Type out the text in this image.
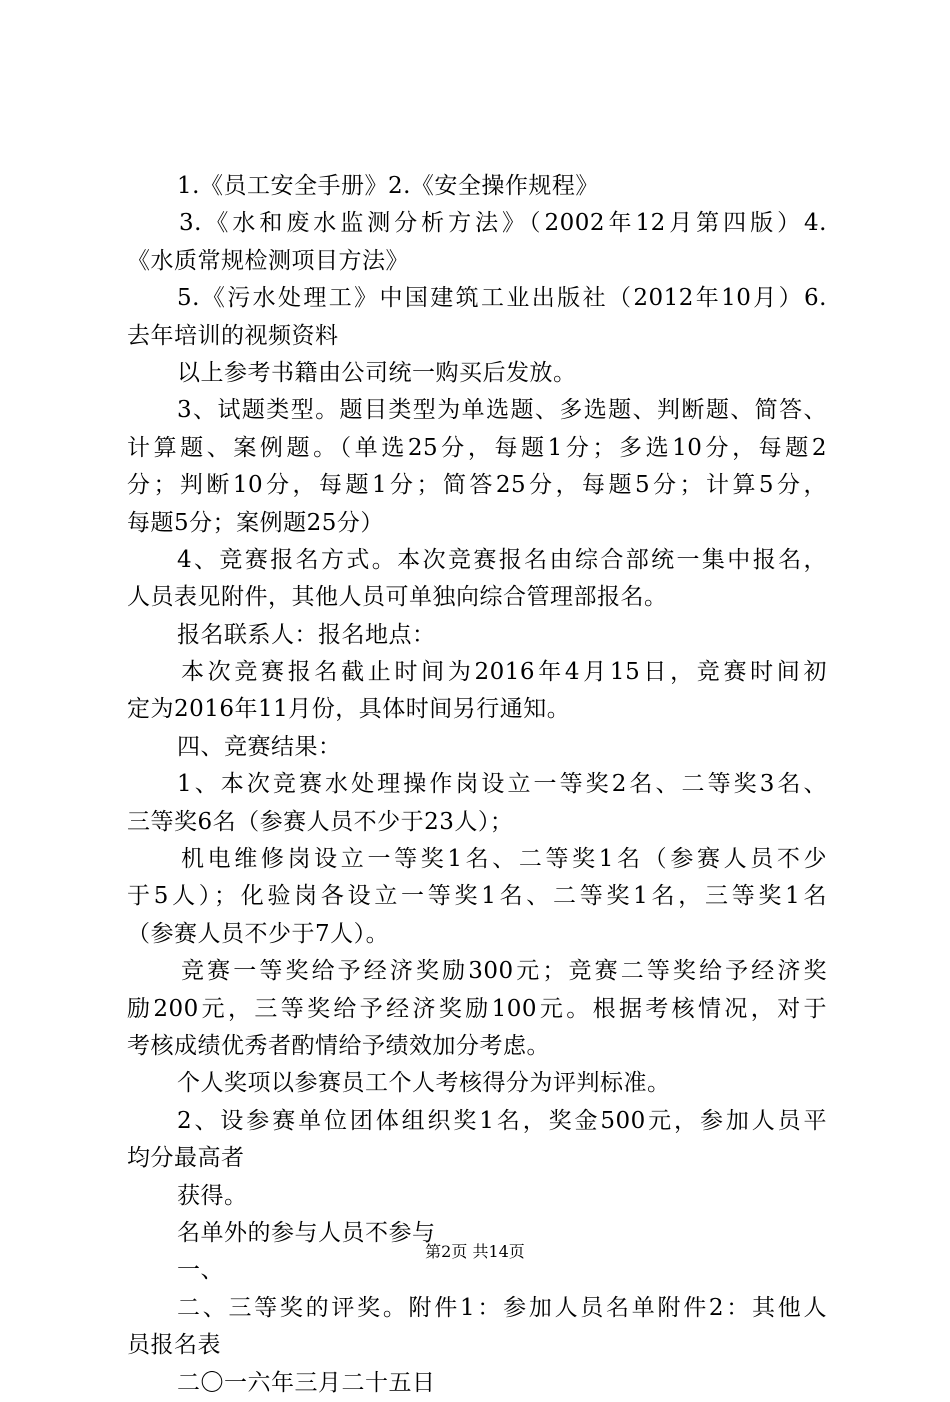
1.《员工安全手册》2.《安全操作规程》
3.《水和废水监测分析方法》（2002年12月第四版）4.
《水质常规检测项目方法》
5.《污水处理工》中国建筑工业出版社（2012年10月）6.
去年培训的视频资料
以上参考书籍由公司统一购买后发放。
3、试题类型。题目类型为单选题、多选题、判断题、简答、
计算题、案例题。（单选25分，每题1分；多选10分，每题2
分；判断10分，每题1分；简答25分，每题5分；计算5分，
每题5分；案例题25分）
4、竞赛报名方式。本次竞赛报名由综合部统一集中报名，
人员表见附件，其他人员可单独向综合管理部报名。
报名联系人：报名地点：
本次竞赛报名截止时间为2016年4月15日，竞赛时间初
定为2016年11月份，具体时间另行通知。
四、竞赛结果：
1、本次竞赛水处理操作岗设立一等奖2名、二等奖3名、
三等奖6名（参赛人员不少于23人）；
机电维修岗设立一等奖1名、二等奖1名（参赛人员不少
于5人）；化验岗各设立一等奖1名、二等奖1名，三等奖1名
（参赛人员不少于7人）。
竞赛一等奖给予经济奖励300元；竞赛二等奖给予经济奖
励200元，三等奖给予经济奖励100元。根据考核情况，对于
考核成绩优秀者酌情给予绩效加分考虑。
个人奖项以参赛员工个人考核得分为评判标准。
2、设参赛单位团体组织奖1名，奖金500元，参加人员平
均分最高者
获得。
名单外的参与人员不参与
一、
二、三等奖的评奖。附件1：参加人员名单附件2：其他人
员报名表
二〇一六年三月二十五日
第2页 共14页
